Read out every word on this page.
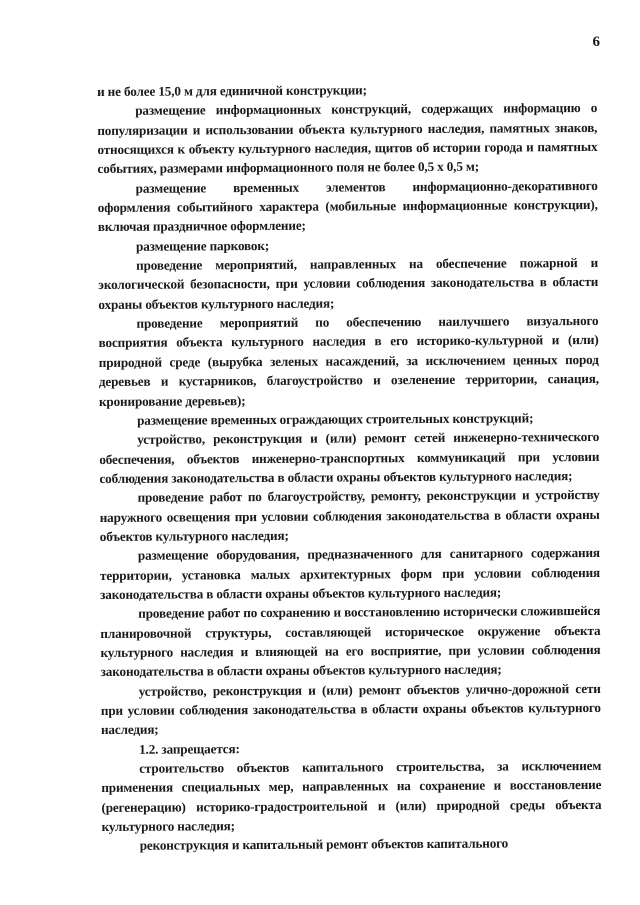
6

и не более 15,0 м для единичной конструкции;

размещение информационных конструкций, содержащих информацию о популяризации и использовании объекта культурного наследия, памятных знаков, относящихся к объекту культурного наследия, щитов об истории города и памятных событиях, размерами информационного поля не более 0,5 х 0,5 м;

размещение временных элементов информационно-декоративного оформления событийного характера (мобильные информационные конструкции), включая праздничное оформление;

размещение парковок;

проведение мероприятий, направленных на обеспечение пожарной и экологической безопасности, при условии соблюдения законодательства в области охраны объектов культурного наследия;

проведение мероприятий по обеспечению наилучшего визуального восприятия объекта культурного наследия в его историко-культурной и (или) природной среде (вырубка зеленых насаждений, за исключением ценных пород деревьев и кустарников, благоустройство и озеленение территории, санация, кронирование деревьев);

размещение временных ограждающих строительных конструкций;

устройство, реконструкция и (или) ремонт сетей инженерно-технического обеспечения, объектов инженерно-транспортных коммуникаций при условии соблюдения законодательства в области охраны объектов культурного наследия;

проведение работ по благоустройству, ремонту, реконструкции и устройству наружного освещения при условии соблюдения законодательства в области охраны объектов культурного наследия;

размещение оборудования, предназначенного для санитарного содержания территории, установка малых архитектурных форм при условии соблюдения законодательства в области охраны объектов культурного наследия;

проведение работ по сохранению и восстановлению исторически сложившейся планировочной структуры, составляющей историческое окружение объекта культурного наследия и влияющей на его восприятие, при условии соблюдения законодательства в области охраны объектов культурного наследия;

устройство, реконструкция и (или) ремонт объектов улично-дорожной сети при условии соблюдения законодательства в области охраны объектов культурного наследия;

1.2. запрещается:

строительство объектов капитального строительства, за исключением применения специальных мер, направленных на сохранение и восстановление (регенерацию) историко-градостроительной и (или) природной среды объекта культурного наследия;

реконструкция и капитальный ремонт объектов капитального
